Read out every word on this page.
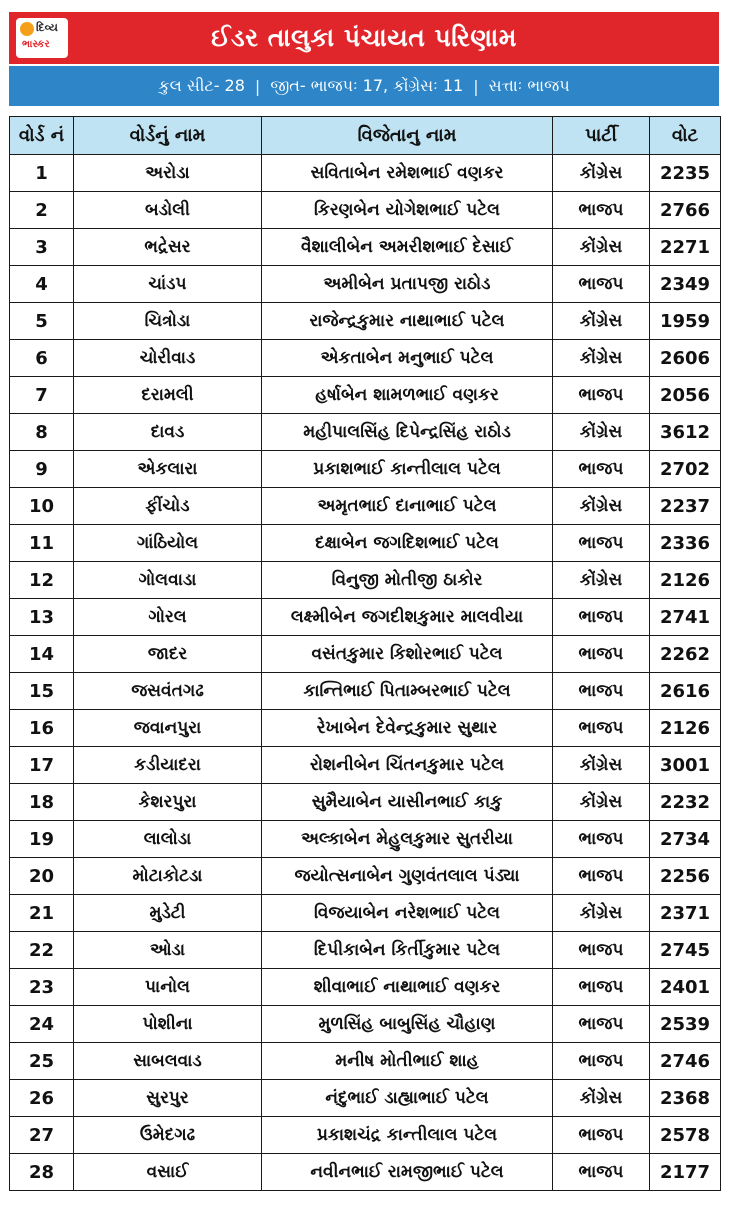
દિવ્ય
ભાસ્કર	ઈડર તાલુકા પંચાયત પરિણામ
કુલ સીટ- 28 | જીત- ભાજપઃ 17, કોંગ્રેસઃ 11 | સત્તાઃ ભાજપ
વોર્ડ નં	વોર્ડનું નામ	વિજેતાનુ નામ	પાર્ટી	વોટ
1	અરોડા	સવિતાબેન રમેશભાઈ વણકર	કોંગ્રેસ	2235
2	બડોલી	કિરણબેન યોગેશભાઈ પટેલ	ભાજપ	2766
3	ભદ્રેસર	વૈશાલીબેન અમરીશભાઈ દેસાઈ	કોંગ્રેસ	2271
4	ચાંડપ	અમીબેન પ્રતાપજી રાઠોડ	ભાજપ	2349
5	ચિત્રોડા	રાજેન્દ્રકુમાર નાથાભાઈ પટેલ	કોંગ્રેસ	1959
6	ચોરીવાડ	એકતાબેન મનુભાઈ પટેલ	કોંગ્રેસ	2606
7	દરામલી	હર્ષાબેન શામળભાઈ વણકર	ભાજપ	2056
8	દાવડ	મહીપાલસિંહ દિપેન્દ્રસિંહ રાઠોડ	કોંગ્રેસ	3612
9	એકલારા	પ્રકાશભાઈ કાન્તીલાલ પટેલ	ભાજપ	2702
10	ફીંચોડ	અમૃતભાઈ દાનાભાઈ પટેલ	કોંગ્રેસ	2237
11	ગાંઠિયોલ	દક્ષાબેન જગદિશભાઈ પટેલ	ભાજપ	2336
12	ગોલવાડા	વિનુજી મોતીજી ઠાકોર	કોંગ્રેસ	2126
13	ગોરલ	લક્ષ્મીબેન જગદીશકુમાર માલવીયા	ભાજપ	2741
14	જાદર	વસંતકુમાર કિશોરભાઈ પટેલ	ભાજપ	2262
15	જસવંતગઢ	કાન્તિભાઈ પિતામ્બરભાઈ પટેલ	ભાજપ	2616
16	જવાનપુરા	રેખાબેન દેવેન્દ્રકુમાર સુથાર	ભાજપ	2126
17	કડીયાદરા	રોશનીબેન ચિંતનકુમાર પટેલ	કોંગ્રેસ	3001
18	કેશરપુરા	સુમૈયાબેન યાસીનભાઈ કાકુ	કોંગ્રેસ	2232
19	લાલોડા	અલ્કાબેન મેહુલકુમાર સુતરીયા	ભાજપ	2734
20	મોટાકોટડા	જયોત્સનાબેન ગુણવંતલાલ પંડ્યા	ભાજપ	2256
21	મુડેટી	વિજયાબેન નરેશભાઈ પટેલ	કોંગ્રેસ	2371
22	ઓડા	દિપીકાબેન કિર્તીકુમાર પટેલ	ભાજપ	2745
23	પાનોલ	શીવાભાઈ નાથાભાઈ વણકર	ભાજપ	2401
24	પોશીના	મુળસિંહ બાબુસિંહ ચૌહાણ	ભાજપ	2539
25	સાબલવાડ	મનીષ મોતીભાઈ શાહ	ભાજપ	2746
26	સુરપુર	નંદુભાઈ ડાહ્યાભાઈ પટેલ	કોંગ્રેસ	2368
27	ઉમેદગઢ	પ્રકાશચંદ્ર કાન્તીલાલ પટેલ	ભાજપ	2578
28	વસાઈ	નવીનભાઈ રામજીભાઈ પટેલ	ભાજપ	2177
